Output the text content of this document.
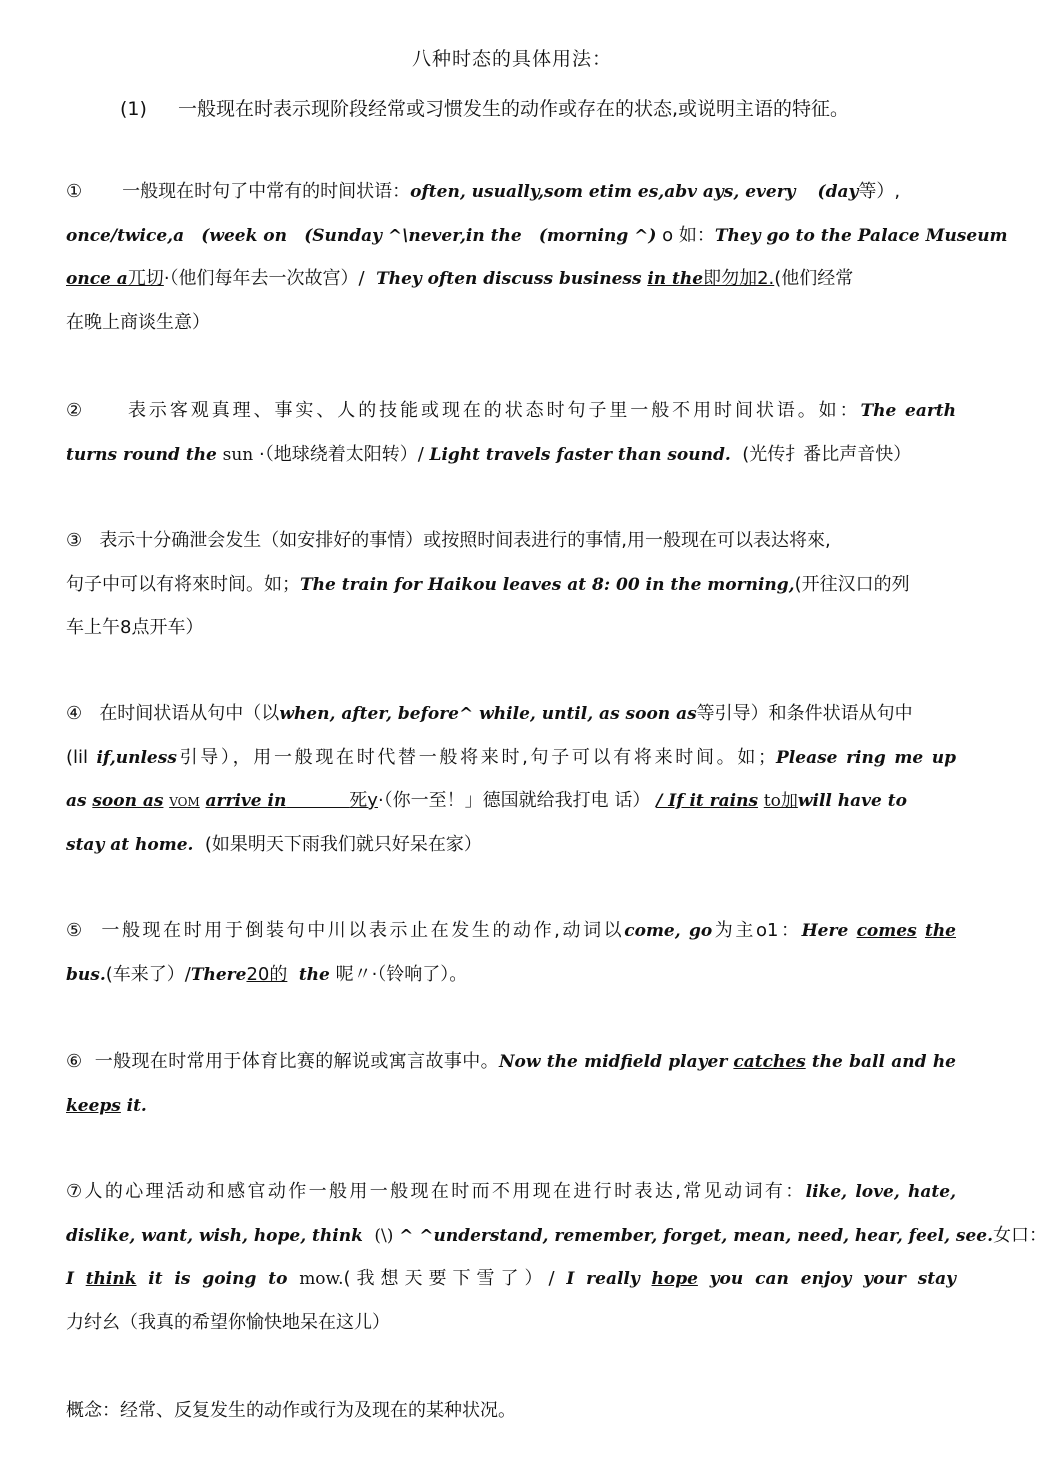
八种时态的具体用法：
(1) 一般现在时表示现阶段经常或习惯发生的动作或存在的状态,或说明主语的特征。
① 一般现在时句了中常有的时间状语：often, usually,som etim es,abv ays, every (day等）,
once/twice,a (week on (Sunday ^\never,in the (morning ^) o 如：They go to the Palace Museum
once a兀切·（他们每年去一次故宫）/ They often discuss business in the即勿加2.(他们经常
在晚上商谈生意）
② 表示客观真理、事实、人的技能或现在的状态时句子里一般不用时间状语。如：The earth
turns round the sun ·（地球绕着太阳转）/ Light travels faster than sound. (光传扌番比声音快）
③ 表示十分确泄会发生（如安排好的事情）或按照时间表进行的事情,用一般现在可以表达将來,
句子中可以有将來时间。如；The train for Haikou leaves at 8: 00 in the morning,(开往汉口的列
车上午8点开车）
④ 在时间状语从句中（以when, after, before^ while, until, as soon as等引导）和条件状语从句中
(lil if,unless引导），用一般现在时代替一般将来时,句子可以有将来时间。如；Please ring me up
as soon as VOM arrive in	死y·（你一至！」德国就给我打电 话） / If it rains to加will have to
stay at home. (如果明天下雨我们就只好呆在家）
⑤ 一般现在时用于倒装句中川以表示止在发生的动作,动词以come, go为主o1：Here comes the
bus.(车来了）/There20的 the 呢〃·（铃响了）。
⑥ 一般现在时常用于体育比赛的解说或寓言故事中。Now the midfield player catches the ball and he
keeps it.
⑦人的心理活动和感官动作一般用一般现在时而不用现在进行时表达,常见动词有：like, love, hate,
dislike, want, wish, hope, think (\) ^ ^understand, remember, forget, mean, need, hear, feel, see.女口：
I think it is going to mow.(我想天要下雪了）/ I really hope you can enjoy your stay
力纣幺（我真的希望你愉快地呆在这儿）
概念：经常、反复发生的动作或行为及现在的某种状况。
